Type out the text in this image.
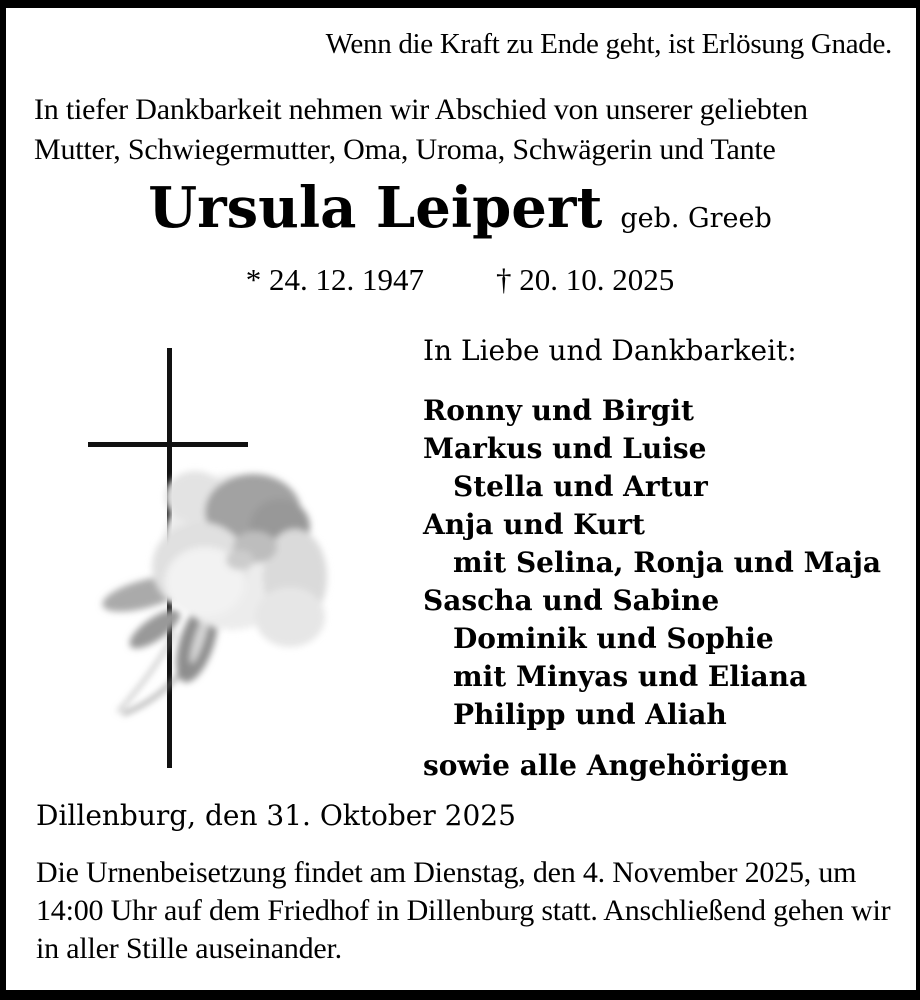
Wenn die Kraft zu Ende geht, ist Erlösung Gnade.
In tiefer Dankbarkeit nehmen wir Abschied von unserer geliebten Mutter, Schwiegermutter, Oma, Uroma, Schwägerin und Tante
Ursula Leipert geb. Greeb
* 24. 12. 1947 † 20. 10. 2025
In Liebe und Dankbarkeit:
Ronny und Birgit
Markus und Luise
Stella und Artur
Anja und Kurt
mit Selina, Ronja und Maja
Sascha und Sabine
Dominik und Sophie
mit Minyas und Eliana
Philipp und Aliah
sowie alle Angehörigen
Dillenburg, den 31. Oktober 2025
Die Urnenbeisetzung findet am Dienstag, den 4. November 2025, um 14:00 Uhr auf dem Friedhof in Dillenburg statt. Anschließend gehen wir in aller Stille auseinander.
